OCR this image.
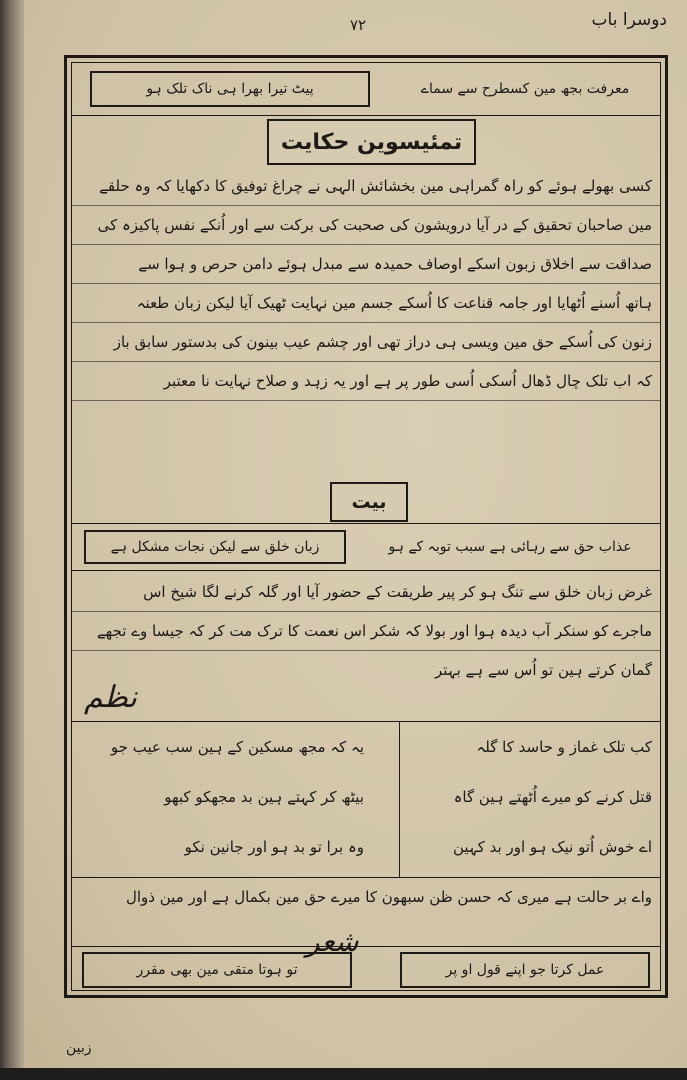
دوسرا باب
۷۲
معرفت بجھ مین کسطرح سے سماے
پیٹ تیرا بھرا ہی ناک تلک ہو
تمئیسوین حکایت
کسی بھولے ہوئے کو راہ گمراہی مین بخشائش الہی نے چراغ توفیق کا دکھایا کہ وہ حلقے
مین صاحبان تحقیق کے در آیا درویشون کی صحبت کی برکت سے اور اُنکے نفس پاکیزہ کی
صداقت سے اخلاق زبون اسکے اوصاف حمیدہ سے مبدل ہوئے دامن حرص و ہوا سے
ہاتھ اُسنے اُٹھایا اور جامہ قناعت کا اُسکے جسم مین نہایت ٹھیک آیا لیکن زبان طعنہ
زنون کی اُسکے حق مین ویسی ہی دراز تھی اور چشم عیب بینون کی بدستور سابق باز
کہ اب تلک چال ڈھال اُسکی اُسی طور پر ہے اور یہ زہد و صلاح نہایت نا معتبر
بیت
عذاب حق سے رہائی ہے سبب توبہ کے ہو
زبان خلق سے لیکن نجات مشکل ہے
غرض زبان خلق سے تنگ ہو کر پیر طریقت کے حضور آیا اور گلہ کرنے لگا شیخ اس
ماجرے کو سنکر آب دیدہ ہوا اور بولا کہ شکر اس نعمت کا ترک مت کر کہ جیسا وے تجھے
گمان کرتے ہین تو اُس سے ہے بہتر
کب تلک غماز و حاسد کا گلہ
قتل کرنے کو میرے اُٹھتے ہین گاہ
اے خوش اُتو نیک ہو اور بد کہین
یہ کہ مجھ مسکین کے ہین سب عیب جو
بیٹھ کر کہتے ہین بد مجھکو کبھو
وہ برا تو بد ہو اور جانین نکو
واے بر حالت ہے میری کہ حسن ظن سبھون کا میرے حق مین بکمال ہے اور مین ذوال
عمل کرتا جو اپنے قول او پر
تو ہوتا متقی مین بھی مقرر
نظم
شعر
زبین
